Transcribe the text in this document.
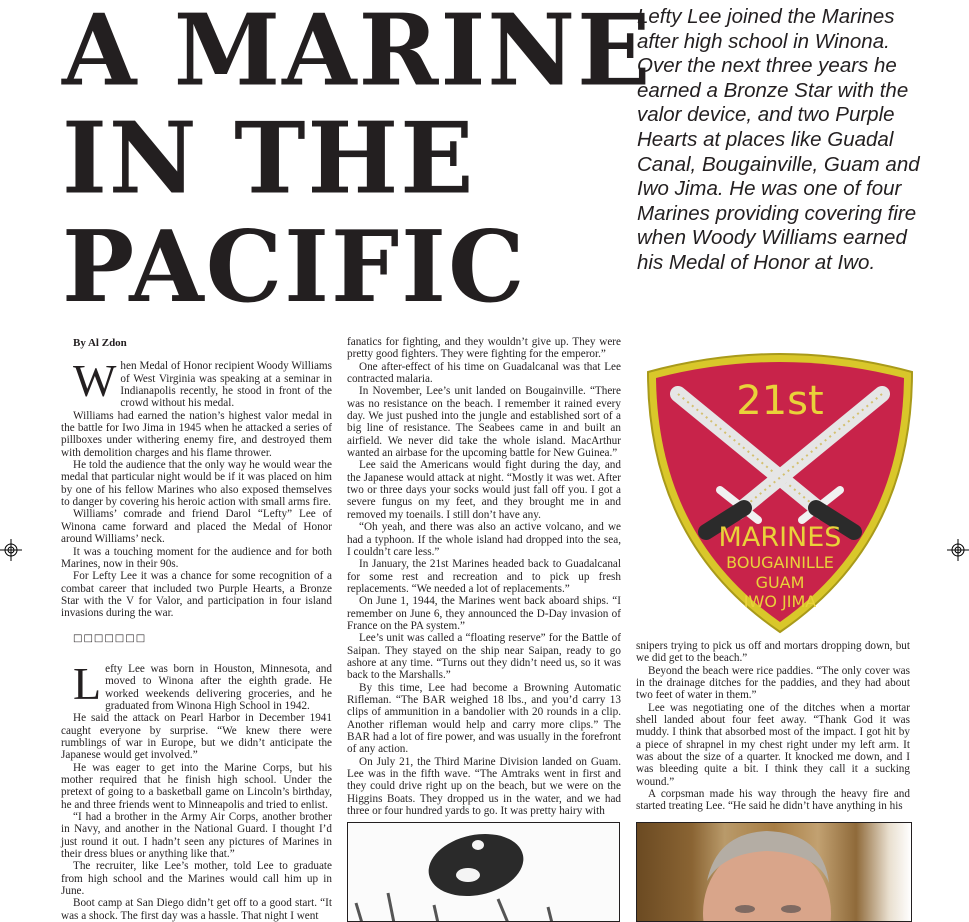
A MARINE
IN THE
PACIFIC

Lefty Lee joined the Marines after high school in Winona. Over the next three years he earned a Bronze Star with the valor device, and two Purple Hearts at places like Guadal Canal, Bougainville, Guam and Iwo Jima. He was one of four Marines providing covering fire when Woody Williams earned his Medal of Honor at Iwo.

By Al Zdon

When Medal of Honor recipient Woody Williams of West Virginia was speaking at a seminar in Indianapolis recently, he stood in front of the crowd without his medal.

Williams had earned the nation’s highest valor medal in the battle for Iwo Jima in 1945 when he attacked a series of pillboxes under withering enemy fire, and destroyed them with demolition charges and his flame thrower.

He told the audience that the only way he would wear the medal that particular night would be if it was placed on him by one of his fellow Marines who also exposed themselves to danger by covering his heroic action with small arms fire.

Williams’ comrade and friend Darol “Lefty” Lee of Winona came forward and placed the Medal of Honor around Williams’ neck.

It was a touching moment for the audience and for both Marines, now in their 90s.

For Lefty Lee it was a chance for some recognition of a combat career that included two Purple Hearts, a Bronze Star with the V for Valor, and participation in four island invasions during the war.

□□□□□□□

Lefty Lee was born in Houston, Minnesota, and moved to Winona after the eighth grade. He worked weekends delivering groceries, and he graduated from Winona High School in 1942.

He said the attack on Pearl Harbor in December 1941 caught everyone by surprise. “We knew there were rumblings of war in Europe, but we didn’t anticipate the Japanese would get involved.”

He was eager to get into the Marine Corps, but his mother required that he finish high school. Under the pretext of going to a basketball game on Lincoln’s birthday, he and three friends went to Minneapolis and tried to enlist.

“I had a brother in the Army Air Corps, another brother in Navy, and another in the National Guard. I thought I’d just round it out. I hadn’t seen any pictures of Marines in their dress blues or anything like that.”

The recruiter, like Lee’s mother, told Lee to graduate from high school and the Marines would call him up in June.

Boot camp at San Diego didn’t get off to a good start. “It was a shock. The first day was a hassle. That night I went

fanatics for fighting, and they wouldn’t give up. They were pretty good fighters. They were fighting for the emperor.”

One after-effect of his time on Guadalcanal was that Lee contracted malaria.

In November, Lee’s unit landed on Bougainville. “There was no resistance on the beach. I remember it rained every day. We just pushed into the jungle and established sort of a big line of resistance. The Seabees came in and built an airfield. We never did take the whole island. MacArthur wanted an airbase for the upcoming battle for New Guinea.”

Lee said the Americans would fight during the day, and the Japanese would attack at night. “Mostly it was wet. After two or three days your socks would just fall off you. I got a severe fungus on my feet, and they brought me in and removed my toenails. I still don’t have any.

“Oh yeah, and there was also an active volcano, and we had a typhoon. If the whole island had dropped into the sea, I couldn’t care less.”

In January, the 21st Marines headed back to Guadalcanal for some rest and recreation and to pick up fresh replacements. “We needed a lot of replacements.”

On June 1, 1944, the Marines went back aboard ships. “I remember on June 6, they announced the D-Day invasion of France on the PA system.”

Lee’s unit was called a “floating reserve” for the Battle of Saipan. They stayed on the ship near Saipan, ready to go ashore at any time. “Turns out they didn’t need us, so it was back to the Marshalls.”

By this time, Lee had become a Browning Automatic Rifleman. “The BAR weighed 18 lbs., and you’d carry 13 clips of ammunition in a bandolier with 20 rounds in a clip. Another rifleman would help and carry more clips.” The BAR had a lot of fire power, and was usually in the forefront of any action.

On July 21, the Third Marine Division landed on Guam. Lee was in the fifth wave. “The Amtraks went in first and they could drive right up on the beach, but we were on the Higgins Boats. They dropped us in the water, and we had three or four hundred yards to go. It was pretty hairy with

21st
MARINES
BOUGAINILLE
GUAM
IWO JIMA

snipers trying to pick us off and mortars dropping down, but we did get to the beach.”

Beyond the beach were rice paddies. “The only cover was in the drainage ditches for the paddies, and they had about two feet of water in them.”

Lee was negotiating one of the ditches when a mortar shell landed about four feet away. “Thank God it was muddy. I think that absorbed most of the impact. I got hit by a piece of shrapnel in my chest right under my left arm. It was about the size of a quarter. It knocked me down, and I was bleeding quite a bit. I think they call it a sucking wound.”

A corpsman made his way through the heavy fire and started treating Lee. “He said he didn’t have anything in his
